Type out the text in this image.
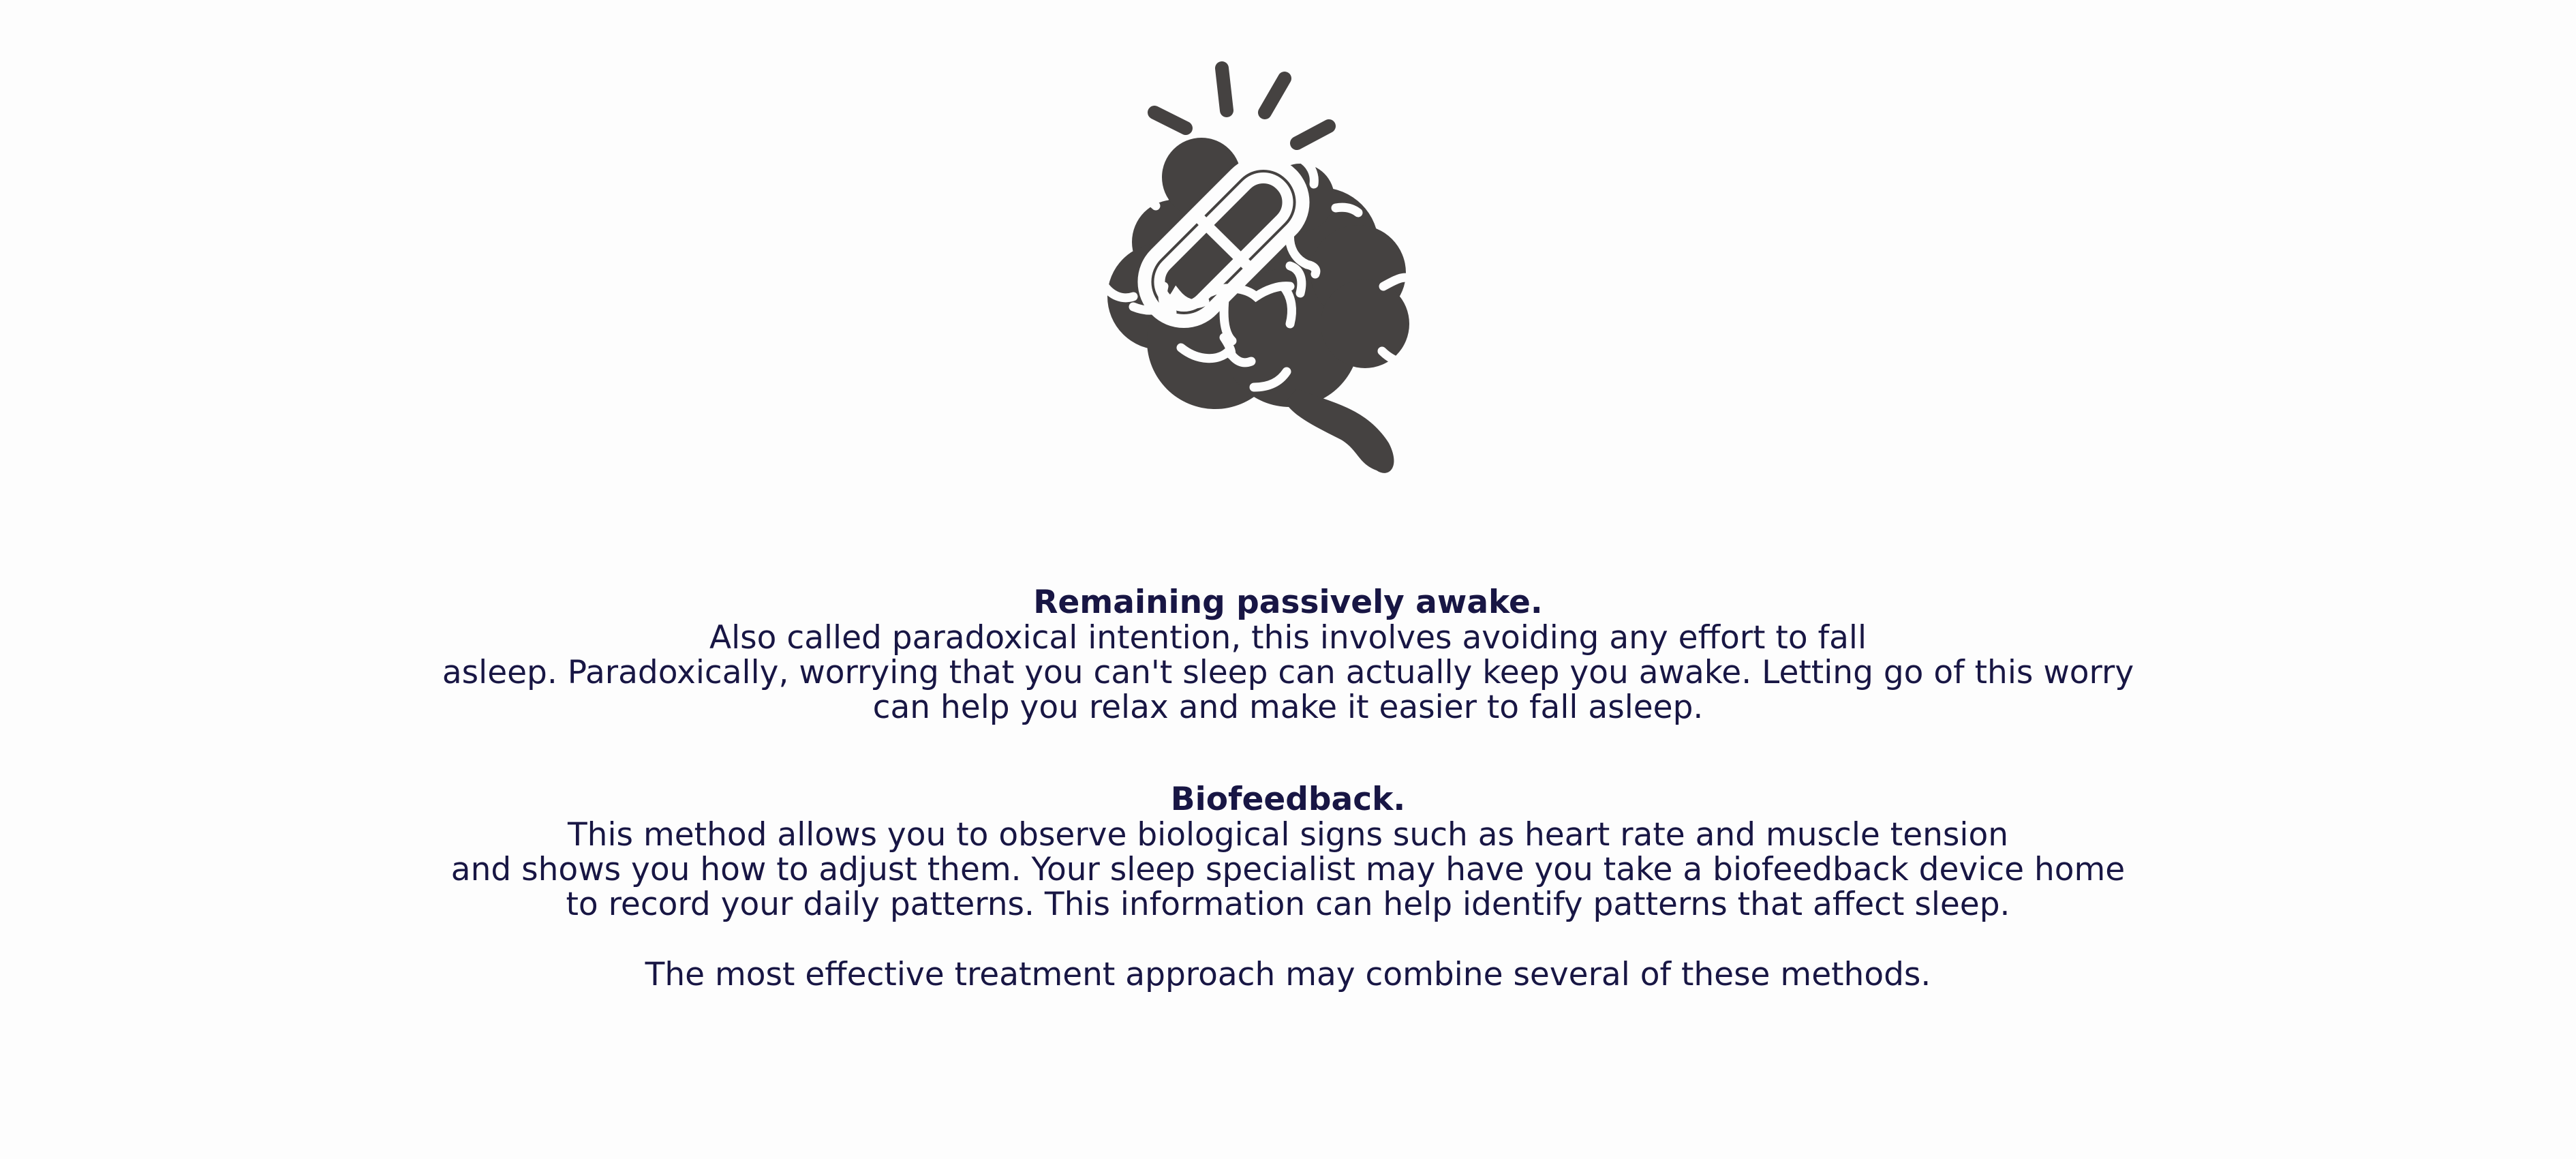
Remaining passively awake.

Also called paradoxical intention, this involves avoiding any effort to fall
asleep. Paradoxically, worrying that you can't sleep can actually keep you awake. Letting go of this worry
can help you relax and make it easier to fall asleep.

Biofeedback.

This method allows you to observe biological signs such as heart rate and muscle tension
and shows you how to adjust them. Your sleep specialist may have you take a biofeedback device home
to record your daily patterns. This information can help identify patterns that affect sleep.

The most effective treatment approach may combine several of these methods.
